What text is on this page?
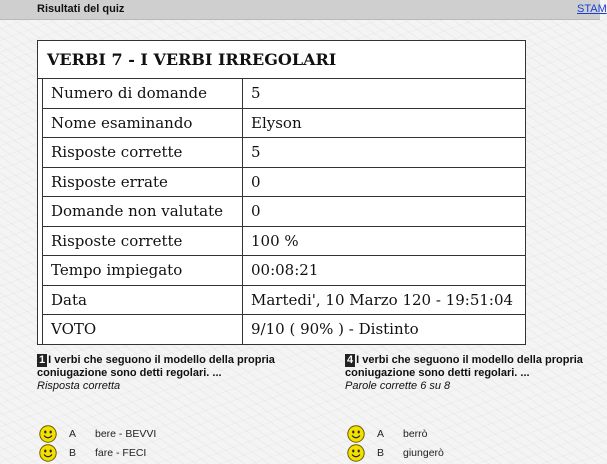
Risultati del quiz	STAM
VERBI 7 - I VERBI IRREGOLARI
Numero di domande	5
Nome esaminando	Elyson
Risposte corrette	5
Risposte errate	0
Domande non valutate	0
Risposte corrette	100 %
Tempo impiegato	00:08:21
Data	Martedi', 10 Marzo 120 - 19:51:04
VOTO	9/10 ( 90% ) - Distinto
1 I verbi che seguono il modello della propria coniugazione sono detti regolari. ...
Risposta corretta
A bere - BEVVI
B fare - FECI
4 I verbi che seguono il modello della propria coniugazione sono detti regolari. ...
Parole corrette 6 su 8
A berrò
B giungerò
